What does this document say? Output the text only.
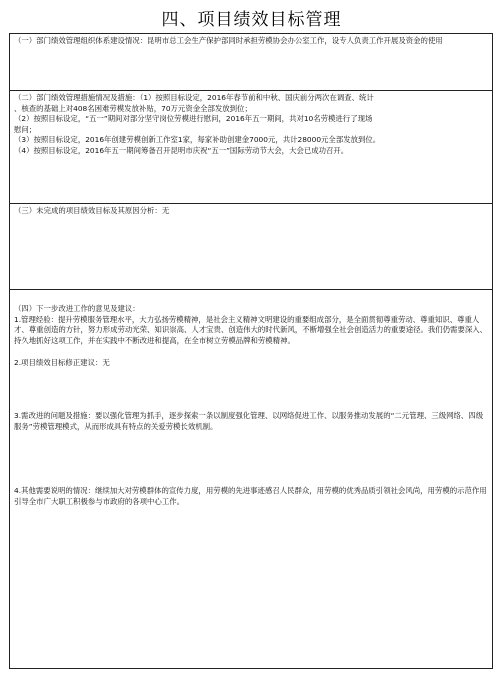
四、项目绩效目标管理
（一）部门绩效管理组织体系建设情况：昆明市总工会生产保护部同时承担劳模协会办公室工作，设专人负责工作开展及资金的使用
（二）部门绩效管理措施情况及措施：（1）按照目标设定，2016年春节前和中秋、国庆前分两次在调查、统计
、核查的基础上对408名困难劳模发放补贴，70万元资金全部发放到位；
（2）按照目标设定，“五一”期间对部分坚守岗位劳模进行慰问，2016年五一期间，共对10名劳模进行了现场
慰问；
（3）按照目标设定，2016年创建劳模创新工作室1家，每家补助创建金7000元，共计28000元全部发放到位。
（4）按照目标设定，2016年五一期间筹备召开昆明市庆祝“五一”国际劳动节大会，大会已成功召开。
（三）未完成的项目绩效目标及其原因分析：无
（四）下一步改进工作的意见及建议：
1.管理经验：提升劳模服务管理水平，大力弘扬劳模精神，是社会主义精神文明建设的重要组成部分，是全面贯彻尊重劳动、尊重知识、尊重人才、尊重创造的方针，努力形成劳动光荣、知识崇高、人才宝贵、创造伟大的时代新风，不断增强全社会创造活力的重要途径。我们仍需要深入、持久地抓好这项工作，并在实践中不断改进和提高，在全市树立劳模品牌和劳模精神。
2.项目绩效目标修正建议：无
3.需改进的问题及措施：要以强化管理为抓手，逐步探索一条以制度强化管理、以网络促进工作、以服务推动发展的“二元管理、三级网络、四级服务”劳模管理模式，从而形成具有特点的关爱劳模长效机制。
4.其他需要说明的情况：继续加大对劳模群体的宣传力度，用劳模的先进事迹感召人民群众，用劳模的优秀品质引领社会风尚，用劳模的示范作用引导全市广大职工积极参与市政府的各项中心工作。
